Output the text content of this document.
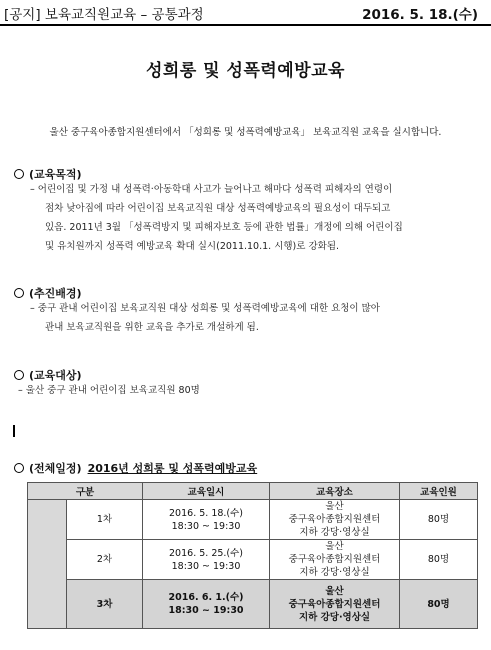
[공지] 보육교직원교육 – 공통과정	2016. 5. 18.(수)
성희롱 및 성폭력예방교육
울산 중구육아종합지원센터에서 「성희롱 및 성폭력예방교육」 보육교직원 교육을 실시합니다.
(교육목적)
– 어린이집 및 가정 내 성폭력·아동학대 사고가 늘어나고 해마다 성폭력 피해자의 연령이
점차 낮아짐에 따라 어린이집 보육교직원 대상 성폭력예방교육의 필요성이 대두되고
있음. 2011년 3월 「성폭력방지 및 피해자보호 등에 관한 법률」개정에 의해 어린이집
및 유치원까지 성폭력 예방교육 확대 실시(2011.10.1. 시행)로 강화됨.
(추진배경)
– 중구 관내 어린이집 보육교직원 대상 성희롱 및 성폭력예방교육에 대한 요청이 많아
관내 보육교직원을 위한 교육을 추가로 개설하게 됨.
(교육대상)
– 울산 중구 관내 어린이집 보육교직원 80명
(전체일정) 2016년 성희롱 및 성폭력예방교육
구분		교육일시	교육장소	교육인원
	1차	2016. 5. 18.(수)
18:30 ~ 19:30	울산
중구육아종합지원센터
지하 강당·영상실	80명
	2차	2016. 5. 25.(수)
18:30 ~ 19:30	울산
중구육아종합지원센터
지하 강당·영상실	80명
	3차	2016. 6. 1.(수)
18:30 ~ 19:30	울산
중구육아종합지원센터
지하 강당·영상실	80명
